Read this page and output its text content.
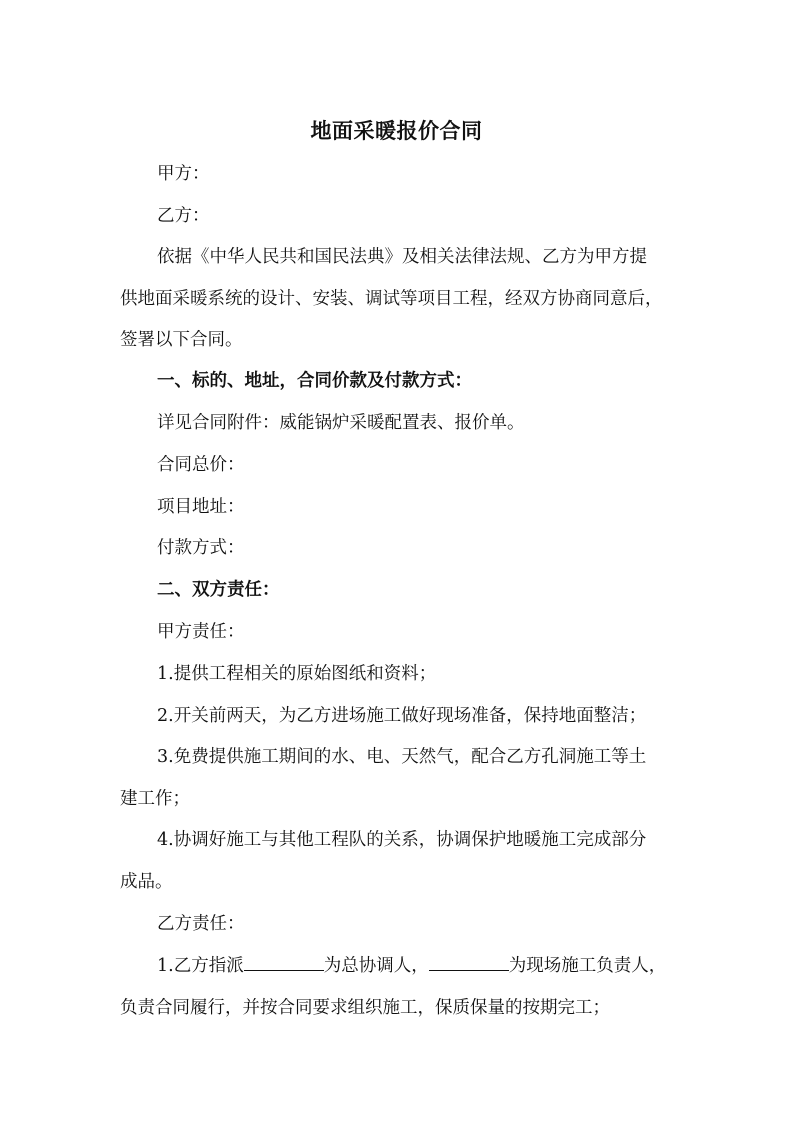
地面采暖报价合同
甲方：
乙方：
依据《中华人民共和国民法典》及相关法律法规、乙方为甲方提
供地面采暖系统的设计、安装、调试等项目工程，经双方协商同意后，
签署以下合同。
一、标的、地址，合同价款及付款方式：
详见合同附件：威能锅炉采暖配置表、报价单。
合同总价：
项目地址：
付款方式：
二、双方责任：
甲方责任：
1.提供工程相关的原始图纸和资料；
2.开关前两天，为乙方进场施工做好现场准备，保持地面整洁；
3.免费提供施工期间的水、电、天然气，配合乙方孔洞施工等土
建工作；
4.协调好施工与其他工程队的关系，协调保护地暖施工完成部分
成品。
乙方责任：
1.乙方指派	为总协调人，	为现场施工负责人，
负责合同履行，并按合同要求组织施工，保质保量的按期完工；
